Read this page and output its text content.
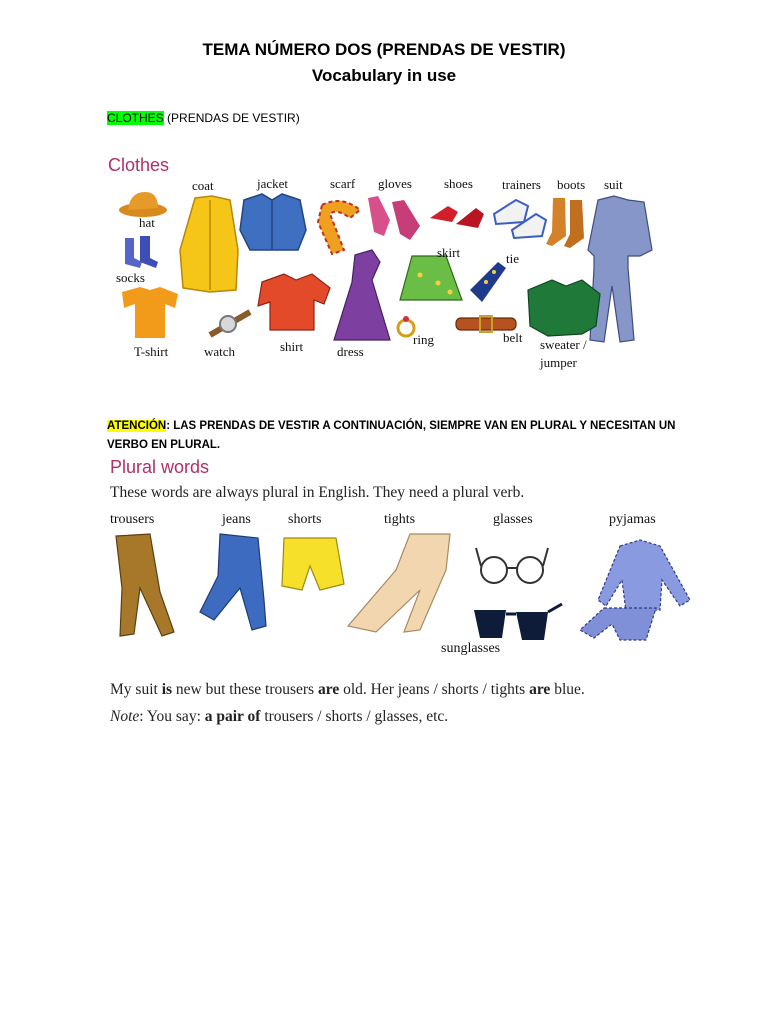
TEMA NÚMERO DOS (PRENDAS DE VESTIR)
Vocabulary in use
CLOTHES (PRENDAS DE VESTIR)
Clothes
hat
socks
T-shirt
coat
watch
jacket
shirt
scarf
dress
gloves
ring
shoes
skirt
trainers
tie
belt
boots suit
sweater /
jumper
ATENCIÓN: LAS PRENDAS DE VESTIR A CONTINUACIÓN, SIEMPRE VAN EN PLURAL Y NECESITAN UN
VERBO EN PLURAL.
Plural words
These words are always plural in English. They need a plural verb.
trousers	jeans	shorts	tights	glasses	pyjamas
sunglasses
My suit is new but these trousers are old. Her jeans / shorts / tights are blue.
Note: You say: a pair of trousers / shorts / glasses, etc.
